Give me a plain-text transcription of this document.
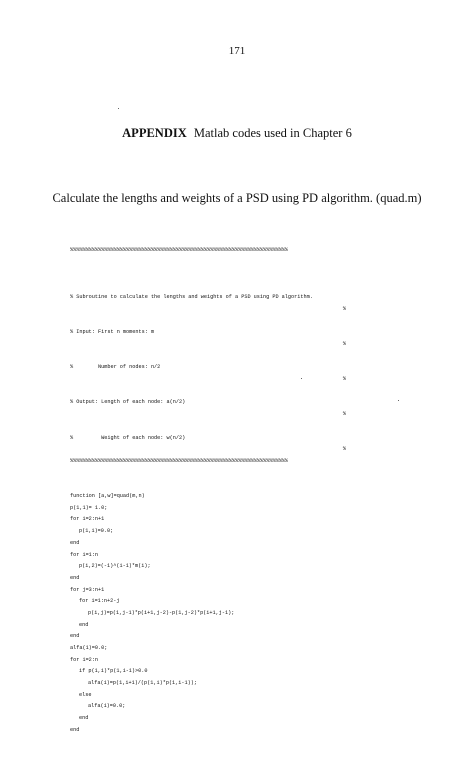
171
APPENDIX Matlab codes used in Chapter 6
Calculate the lengths and weights of a PSD using PD algorithm. (quad.m)

%%%%%%%%%%%%%%%%%%%%%%%%%%%%%%%%%%%%%%%%%%%%%%%%%%%%%%%%%%%%%%%%%%%%%%

% Subroutine to calculate the lengths and weights of a PSD using PD algorithm.

%

% Input: First n moments: m

%

%        Number of nodes: n/2

%

% Output: Length of each node: a(n/2)

%

%         Weight of each node: w(n/2)

%

%%%%%%%%%%%%%%%%%%%%%%%%%%%%%%%%%%%%%%%%%%%%%%%%%%%%%%%%%%%%%%%%%%%%%%

function [a,w]=quad(m,n)
p(1,1)= 1.0;
for i=2:n+1
p(1,i)=0.0;
end
for i=1:n
p(i,2)=(-1)^(i-1)*m(i);
end
for j=3:n+1
for i=1:n+2-j
p(i,j)=p(1,j-1)*p(i+1,j-2)-p(1,j-2)*p(i+1,j-1);
end
end
alfa(1)=0.0;
for i=2:n
if p(1,i)*p(1,i-1)>0.0
alfa(i)=p(1,i+1)/(p(1,i)*p(1,i-1));
else
alfa(i)=0.0;
end
end
